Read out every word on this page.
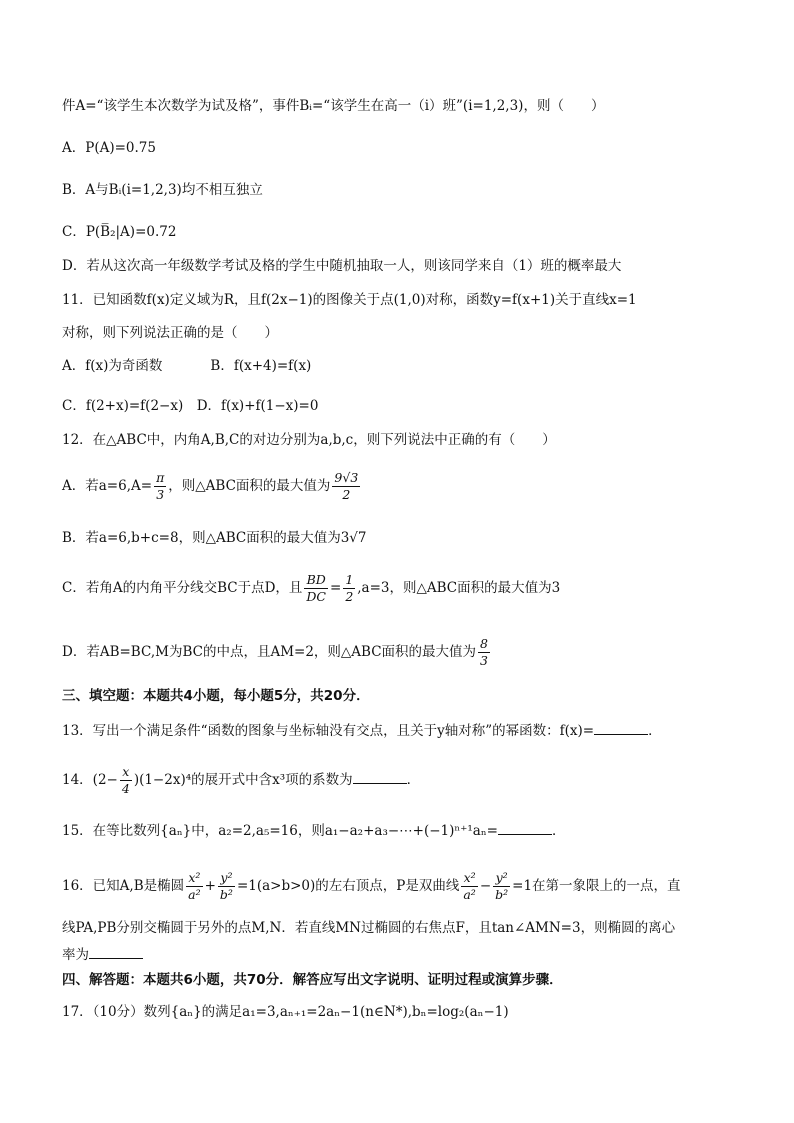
件A=“该学生本次数学为试及格”，事件Bᵢ=“该学生在高一（i）班”(i=1,2,3)，则（　　）
A．P(A)=0.75
B．A与Bᵢ(i=1,2,3)均不相互独立
C．P(B̅₂|A)=0.72
D．若从这次高一年级数学考试及格的学生中随机抽取一人，则该同学来自（1）班的概率最大
11．已知函数f(x)定义域为R，且f(2x−1)的图像关于点(1,0)对称，函数y=f(x+1)关于直线x=1
对称，则下列说法正确的是（　　）
A．f(x)为奇函数	B．f(x+4)=f(x)
C．f(2+x)=f(2−x)　D．f(x)+f(1−x)=0
12．在△ABC中，内角A,B,C的对边分别为a,b,c，则下列说法中正确的有（　　）
A．若$a=6,A= \frac{\pi}{3}$ ，则△ABC面积的最大值为 $\frac{9√3}{2}$
B．若a=6,b+c=8，则△ABC面积的最大值为3√7
C．若角A的内角平分线交BC于点D，且 $\frac{BD}{DC} = \frac{1}{2} ,a=3$，则△ABC面积的最大值为3
D．若AB=BC,M为BC的中点，且AM=2，则△ABC面积的最大值为 $\frac{8}{3}$
三、填空题：本题共4小题，每小题5分，共20分．
13．写出一个满足条件“函数的图象与坐标轴没有交点，且关于y轴对称”的幂函数：f(x)=	．
14．$(2- \frac{x}{4} )(1-2x)^4$的展开式中含x³项的系数为	．
15．在等比数列{aₙ}中，a₂=2,a₅=16，则a₁−a₂+a₃−⋯+(−1)ⁿ⁺¹aₙ=	．
16．已知A,B是椭圆 $\frac{\text{x²}}{\text{a²}} + \frac{\text{y²}}{\text{b²}} =1(a>b>0)$的左右顶点，P是双曲线 $\frac{\text{x²}}{\text{a²}} - \frac{\text{y²}}{\text{b²}} =1$在第一象限上的一点，直
线PA,PB分别交椭圆于另外的点M,N．若直线MN过椭圆的右焦点F，且tan∠AMN=3，则椭圆的离心
率为
四、解答题：本题共6小题，共70分．解答应写出文字说明、证明过程或演算步骤．
17．（10分）数列{aₙ}的满足a₁=3,aₙ₊₁=2aₙ−1(n∈N*),bₙ=log₂(aₙ−1)
